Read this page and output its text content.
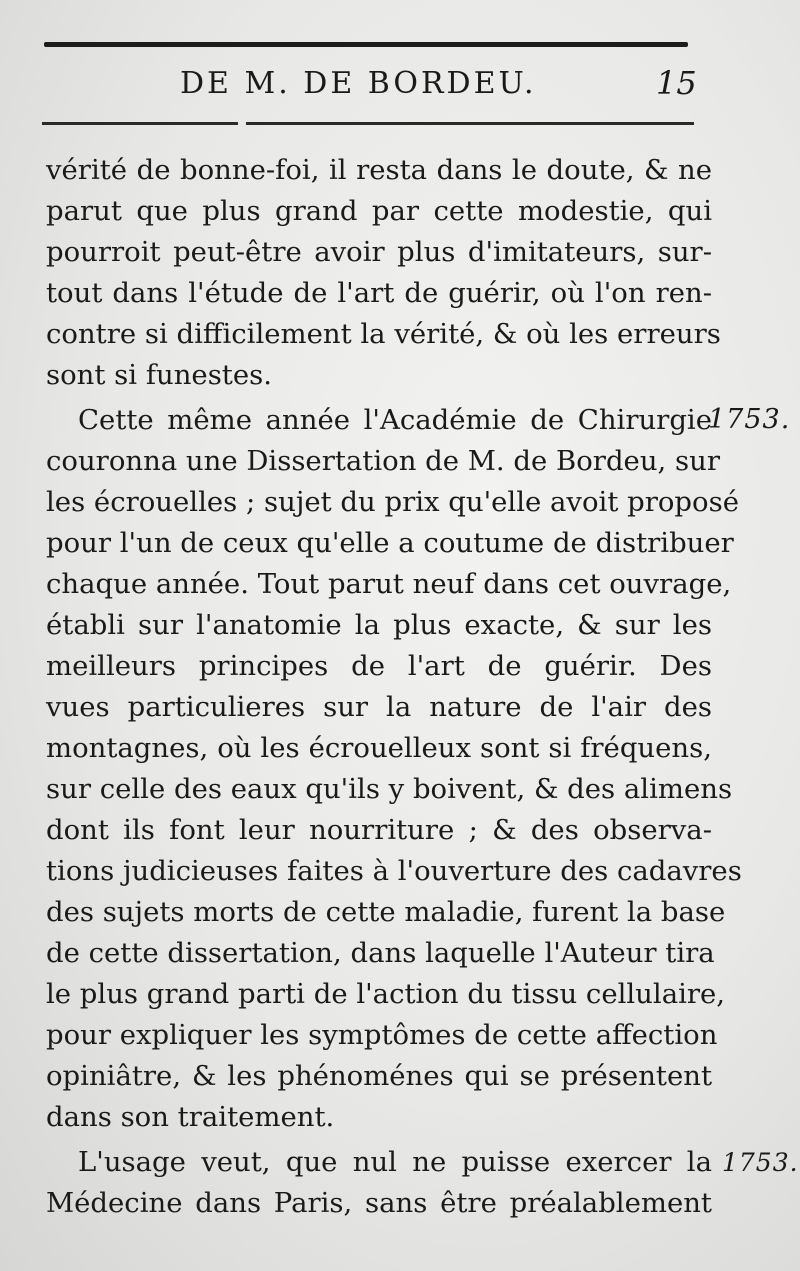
DE M. DE BORDEU.	15
vérité de bonne-foi, il resta dans le doute, & ne
parut que plus grand par cette modestie, qui
pourroit peut-être avoir plus d'imitateurs, sur-
tout dans l'étude de l'art de guérir, où l'on ren-
contre si difficilement la vérité, & où les erreurs
sont si funestes.
Cette même année l'Académie de Chirurgie
couronna une Dissertation de M. de Bordeu, sur
les écrouelles ; sujet du prix qu'elle avoit proposé
pour l'un de ceux qu'elle a coutume de distribuer
chaque année. Tout parut neuf dans cet ouvrage,
établi sur l'anatomie la plus exacte, & sur les
meilleurs principes de l'art de guérir. Des
vues particulieres sur la nature de l'air des
montagnes, où les écrouelleux sont si fréquens,
sur celle des eaux qu'ils y boivent, & des alimens
dont ils font leur nourriture ; & des observa-
tions judicieuses faites à l'ouverture des cadavres
des sujets morts de cette maladie, furent la base
de cette dissertation, dans laquelle l'Auteur tira
le plus grand parti de l'action du tissu cellulaire,
pour expliquer les symptômes de cette affection
opiniâtre, & les phénoménes qui se présentent
dans son traitement.
L'usage veut, que nul ne puisse exercer la
Médecine dans Paris, sans être préalablement
1753.
1753.
